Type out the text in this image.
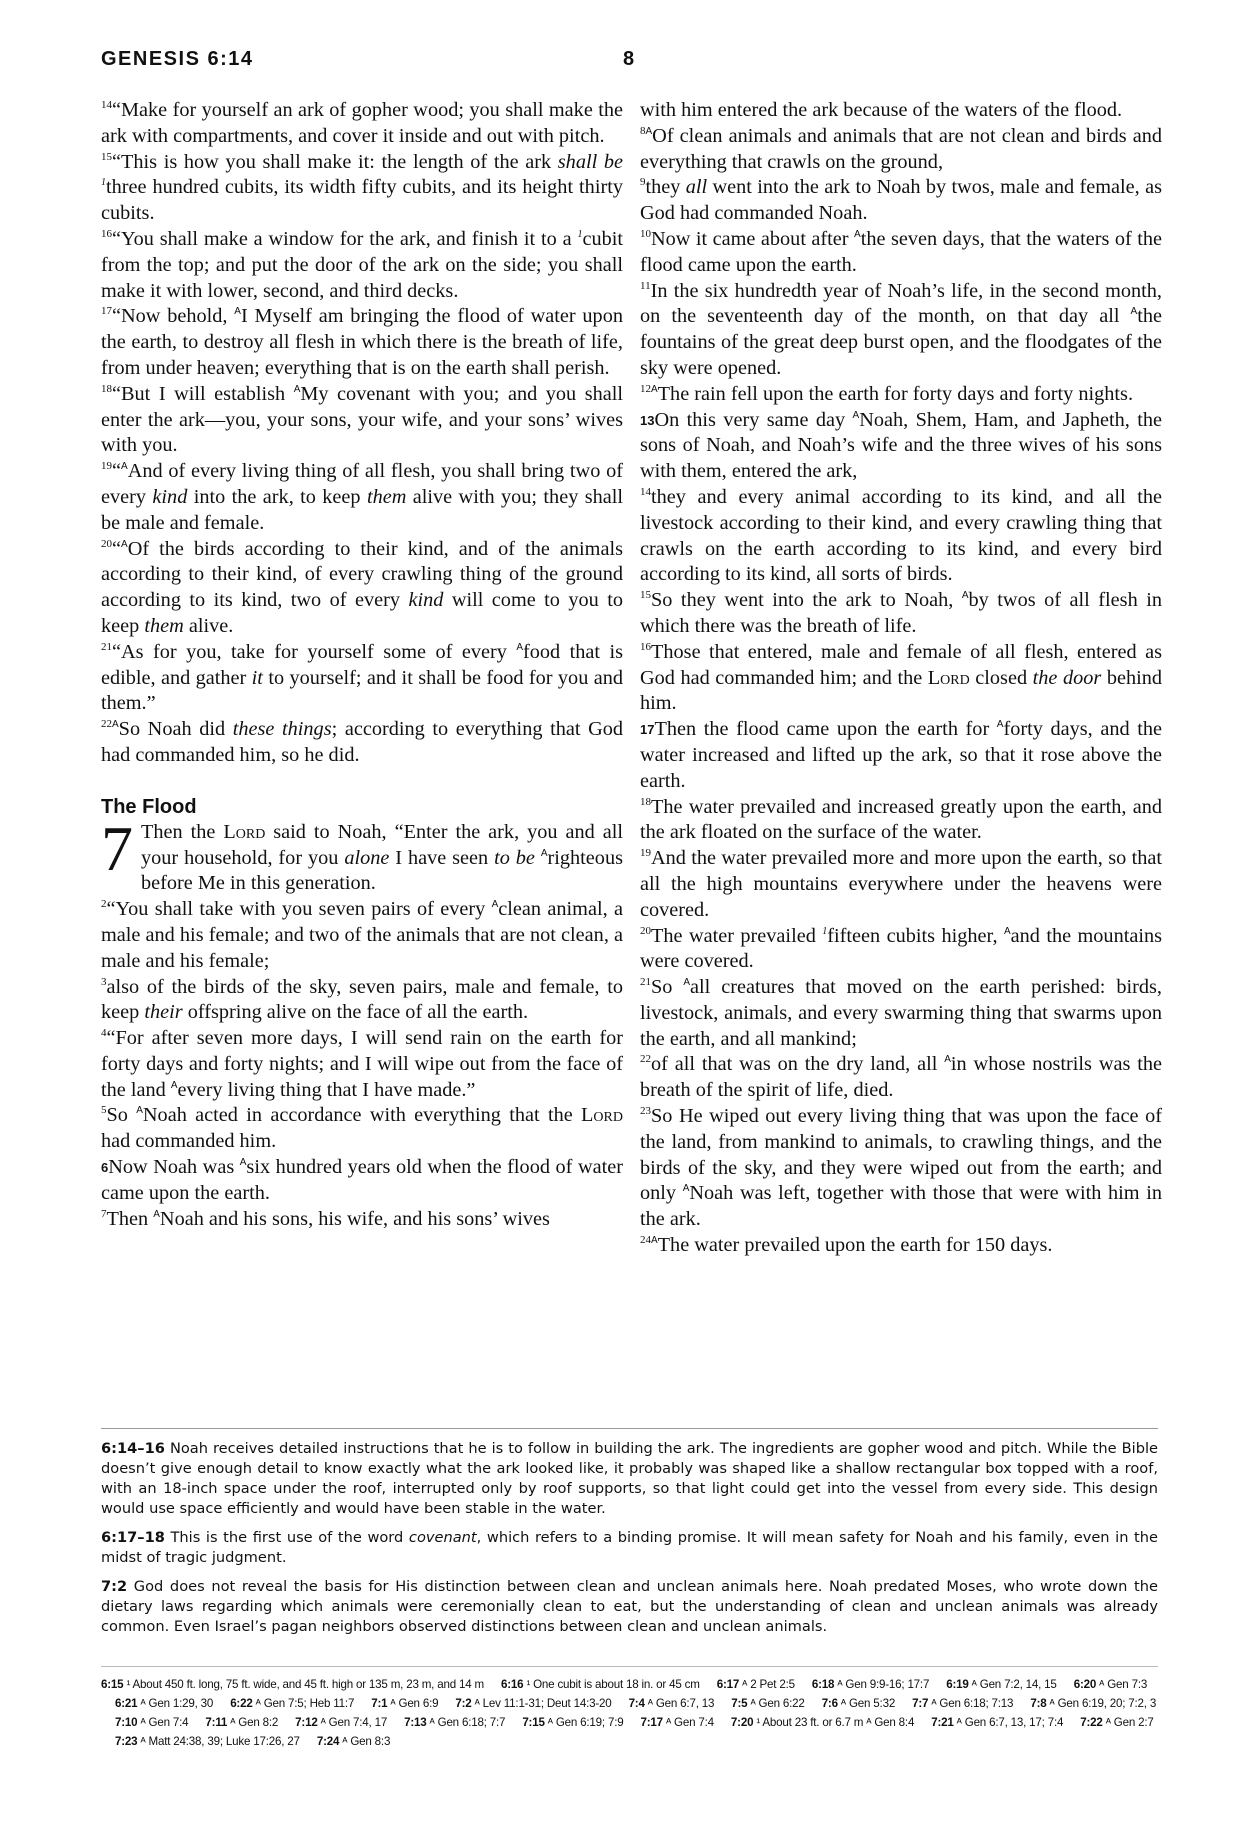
GENESIS 6:14	8

$^{14}$“Make for yourself an ark of gopher wood; you shall make the ark with compartments, and cover it inside and out with pitch.

$^{15}$“This is how you shall make it: the length of the ark shall be $^1$three hundred cubits, its width fifty cubits, and its height thirty cubits.

$^{16}$“You shall make a window for the ark, and finish it to a $^1$cubit from the top; and put the door of the ark on the side; you shall make it with lower, second, and third decks.

$^{17}$“Now behold, $^A$I Myself am bringing the flood of water upon the earth, to destroy all flesh in which there is the breath of life, from under heaven; everything that is on the earth shall perish.

$^{18}$“But I will establish $^A$My covenant with you; and you shall enter the ark—you, your sons, your wife, and your sons’ wives with you.

$^{19}$“$^A$And of every living thing of all flesh, you shall bring two of every kind into the ark, to keep them alive with you; they shall be male and female.

$^{20}$“$^A$Of the birds according to their kind, and of the animals according to their kind, of every crawling thing of the ground according to its kind, two of every kind will come to you to keep them alive.

$^{21}$“As for you, take for yourself some of every $^A$food that is edible, and gather it to yourself; and it shall be food for you and them.”

$^{22A}$So Noah did these things; according to everything that God had commanded him, so he did.

The Flood

7 Then the Lord said to Noah, “Enter the ark, you and all your household, for you alone I have seen to be $^A$righteous before Me in this generation.

$^2$“You shall take with you seven pairs of every $^A$clean animal, a male and his female; and two of the animals that are not clean, a male and his female;

$^3$also of the birds of the sky, seven pairs, male and female, to keep their offspring alive on the face of all the earth.

$^4$“For after seven more days, I will send rain on the earth for forty days and forty nights; and I will wipe out from the face of the land $^A$every living thing that I have made.”

$^5$So $^A$Noah acted in accordance with everything that the Lord had commanded him.

6Now Noah was $^A$six hundred years old when the flood of water came upon the earth.

$^7$Then $^A$Noah and his sons, his wife, and his sons’ wives

with him entered the ark because of the waters of the flood.

$^{8A}$Of clean animals and animals that are not clean and birds and everything that crawls on the ground,

$^9$they all went into the ark to Noah by twos, male and female, as God had commanded Noah.

$^{10}$Now it came about after $^A$the seven days, that the waters of the flood came upon the earth.

$^{11}$In the six hundredth year of Noah’s life, in the second month, on the seventeenth day of the month, on that day all $^A$the fountains of the great deep burst open, and the floodgates of the sky were opened.

$^{12A}$The rain fell upon the earth for forty days and forty nights.

13On this very same day $^A$Noah, Shem, Ham, and Japheth, the sons of Noah, and Noah’s wife and the three wives of his sons with them, entered the ark,

$^{14}$they and every animal according to its kind, and all the livestock according to their kind, and every crawling thing that crawls on the earth according to its kind, and every bird according to its kind, all sorts of birds.

$^{15}$So they went into the ark to Noah, $^A$by twos of all flesh in which there was the breath of life.

$^{16}$Those that entered, male and female of all flesh, entered as God had commanded him; and the Lord closed the door behind him.

17Then the flood came upon the earth for $^A$forty days, and the water increased and lifted up the ark, so that it rose above the earth.

$^{18}$The water prevailed and increased greatly upon the earth, and the ark floated on the surface of the water.

$^{19}$And the water prevailed more and more upon the earth, so that all the high mountains everywhere under the heavens were covered.

$^{20}$The water prevailed $^1$fifteen cubits higher, $^A$and the mountains were covered.

$^{21}$So $^A$all creatures that moved on the earth perished: birds, livestock, animals, and every swarming thing that swarms upon the earth, and all mankind;

$^{22}$of all that was on the dry land, all $^A$in whose nostrils was the breath of the spirit of life, died.

$^{23}$So He wiped out every living thing that was upon the face of the land, from mankind to animals, to crawling things, and the birds of the sky, and they were wiped out from the earth; and only $^A$Noah was left, together with those that were with him in the ark.

$^{24A}$The water prevailed upon the earth for 150 days.

6:14–16 Noah receives detailed instructions that he is to follow in building the ark. The ingredients are gopher wood and pitch. While the Bible doesn’t give enough detail to know exactly what the ark looked like, it probably was shaped like a shallow rectangular box topped with a roof, with an 18-inch space under the roof, interrupted only by roof supports, so that light could get into the vessel from every side. This design would use space efficiently and would have been stable in the water.

6:17–18 This is the first use of the word covenant, which refers to a binding promise. It will mean safety for Noah and his family, even in the midst of tragic judgment.

7:2 God does not reveal the basis for His distinction between clean and unclean animals here. Noah predated Moses, who wrote down the dietary laws regarding which animals were ceremonially clean to eat, but the understanding of clean and unclean animals was already common. Even Israel’s pagan neighbors observed distinctions between clean and unclean animals.

6:15 ¹ About 450 ft. long, 75 ft. wide, and 45 ft. high or 135 m, 23 m, and 14 m 6:16 ¹ One cubit is about 18 in. or 45 cm 6:17 ᴬ 2 Pet 2:5 6:18 ᴬ Gen 9:9-16; 17:7 6:19 ᴬ Gen 7:2, 14, 15 6:20 ᴬ Gen 7:3 6:21 ᴬ Gen 1:29, 30 6:22 ᴬ Gen 7:5; Heb 11:7 7:1 ᴬ Gen 6:9 7:2 ᴬ Lev 11:1-31; Deut 14:3-20 7:4 ᴬ Gen 6:7, 13 7:5 ᴬ Gen 6:22 7:6 ᴬ Gen 5:32 7:7 ᴬ Gen 6:18; 7:13 7:8 ᴬ Gen 6:19, 20; 7:2, 3 7:10 ᴬ Gen 7:4 7:11 ᴬ Gen 8:2 7:12 ᴬ Gen 7:4, 17 7:13 ᴬ Gen 6:18; 7:7 7:15 ᴬ Gen 6:19; 7:9 7:17 ᴬ Gen 7:4 7:20 ¹ About 23 ft. or 6.7 m ᴬ Gen 8:4 7:21 ᴬ Gen 6:7, 13, 17; 7:4 7:22 ᴬ Gen 2:7 7:23 ᴬ Matt 24:38, 39; Luke 17:26, 27 7:24 ᴬ Gen 8:3
